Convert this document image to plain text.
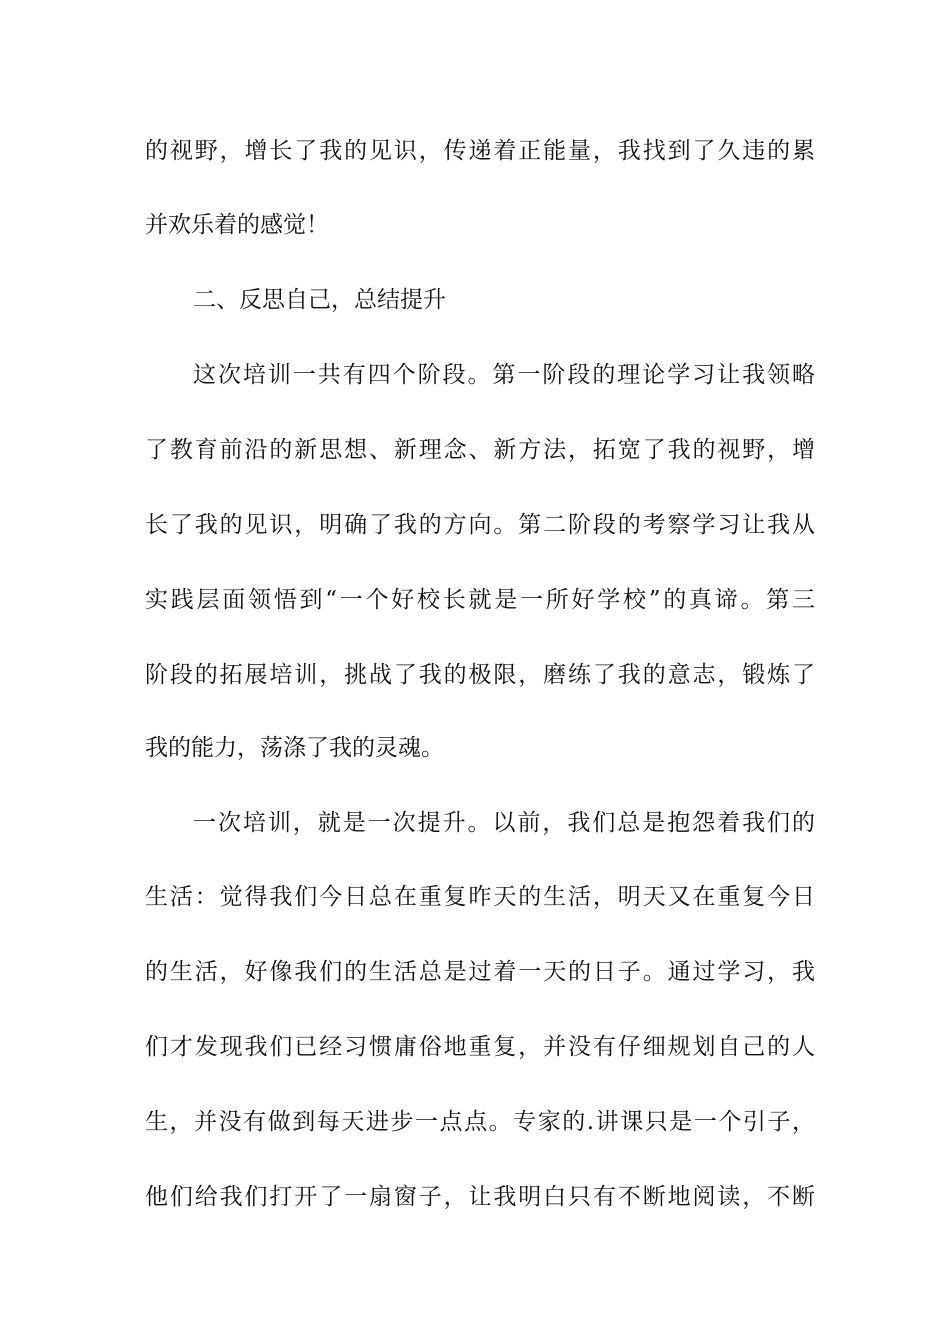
的视野，增长了我的见识，传递着正能量，我找到了久违的累
并欢乐着的感觉！
二、反思自己，总结提升
这次培训一共有四个阶段。第一阶段的理论学习让我领略
了教育前沿的新思想、新理念、新方法，拓宽了我的视野，增
长了我的见识，明确了我的方向。第二阶段的考察学习让我从
实践层面领悟到“一个好校长就是一所好学校”的真谛。第三
阶段的拓展培训，挑战了我的极限，磨练了我的意志，锻炼了
我的能力，荡涤了我的灵魂。
一次培训，就是一次提升。以前，我们总是抱怨着我们的
生活：觉得我们今日总在重复昨天的生活，明天又在重复今日
的生活，好像我们的生活总是过着一天的日子。通过学习，我
们才发现我们已经习惯庸俗地重复，并没有仔细规划自己的人
生，并没有做到每天进步一点点。专家的.讲课只是一个引子，
他们给我们打开了一扇窗子，让我明白只有不断地阅读，不断
